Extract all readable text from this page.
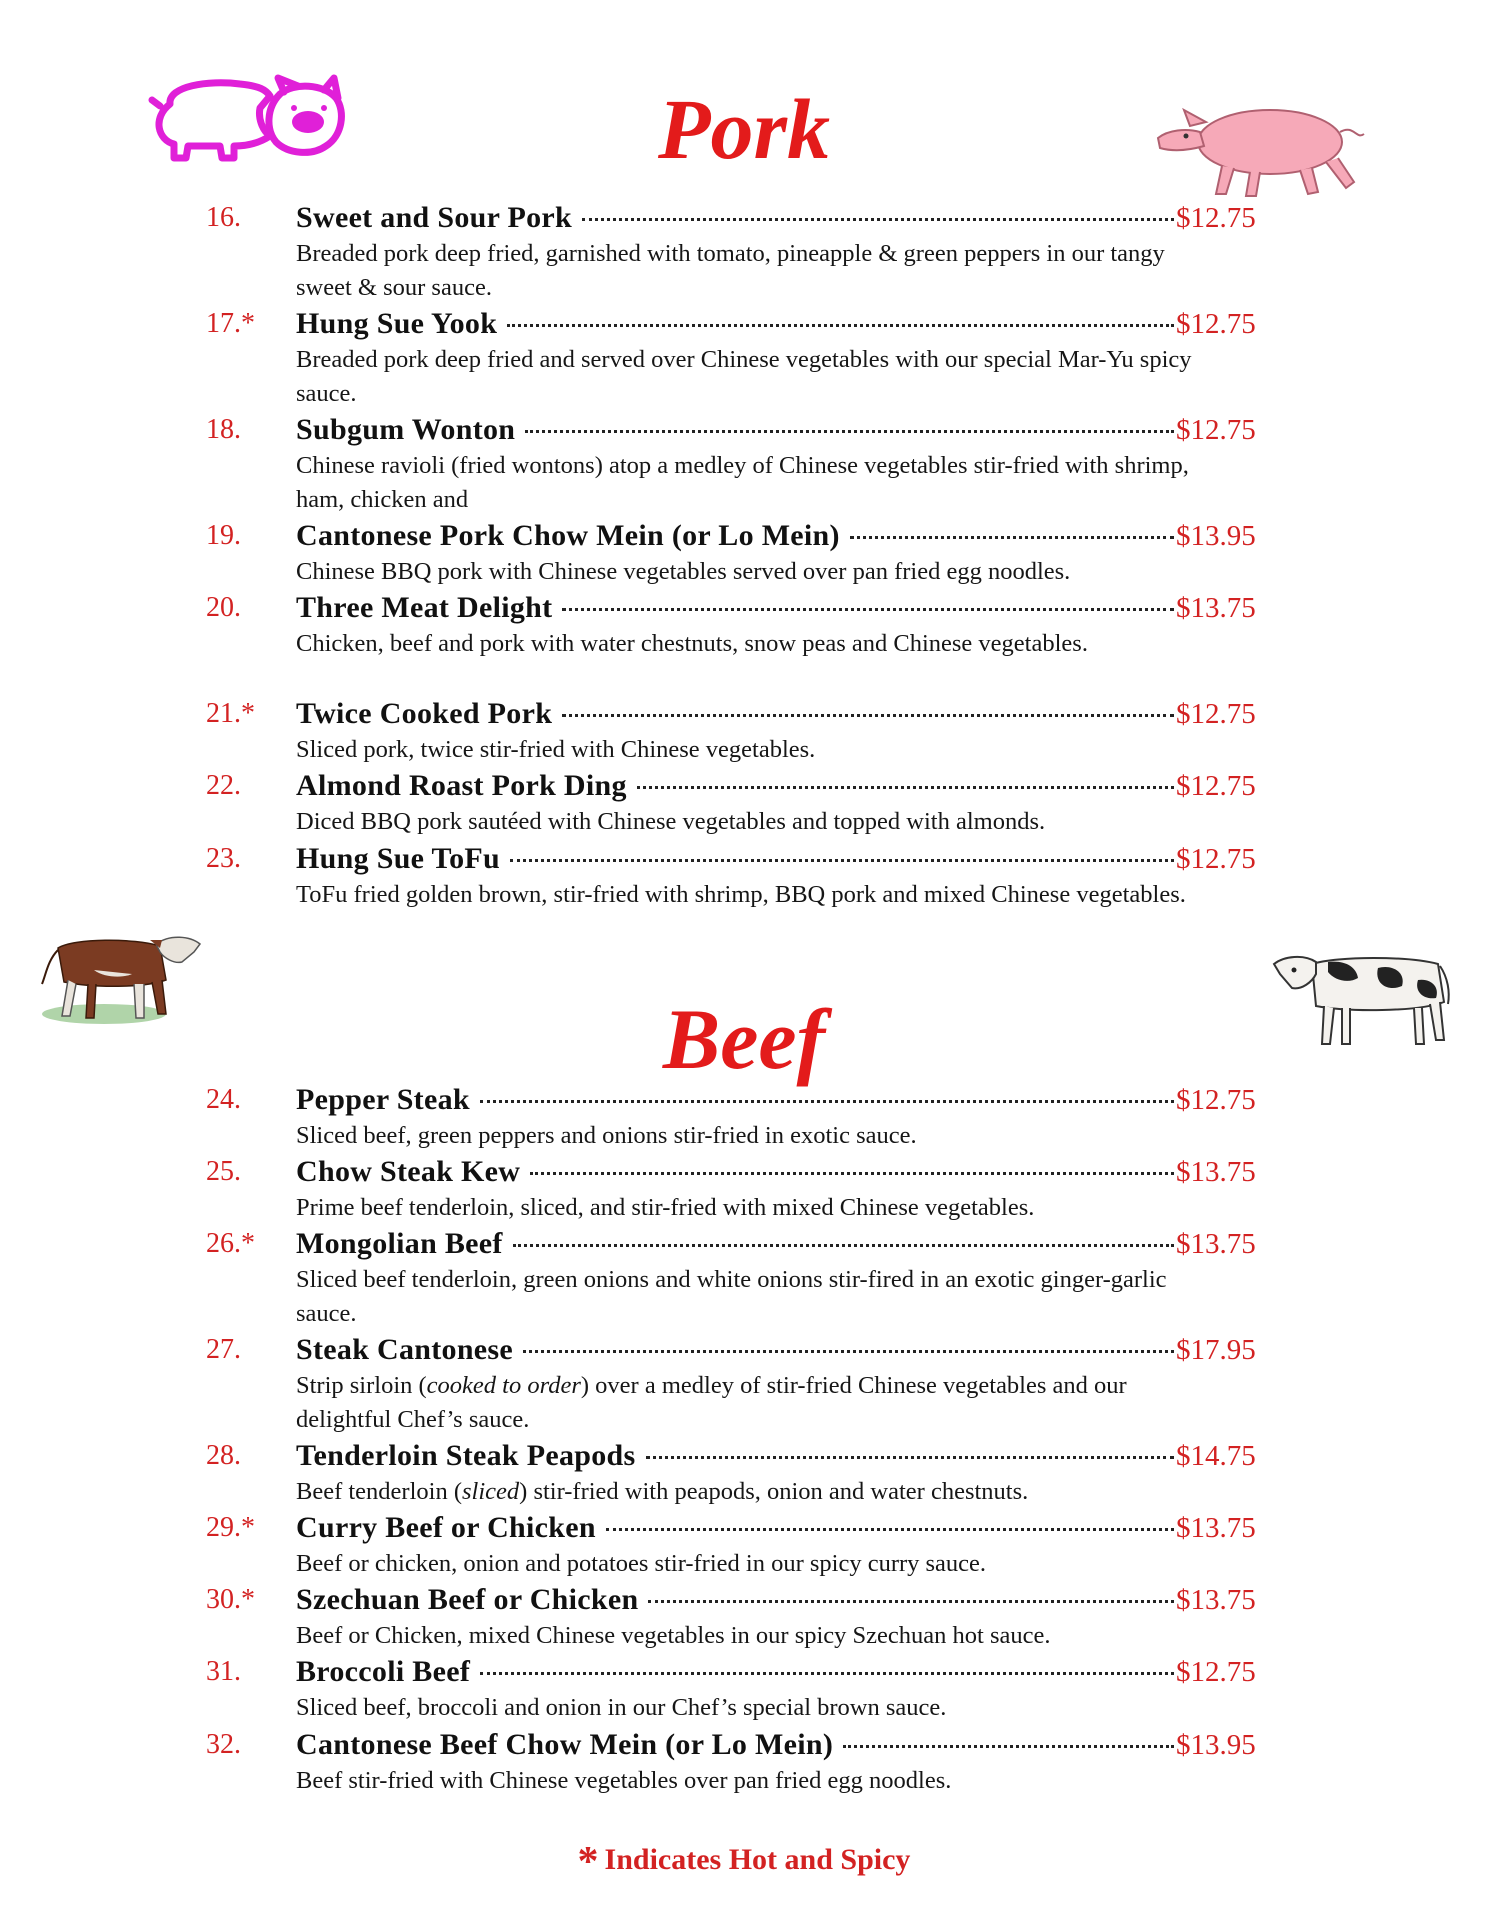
Pork
16. Sweet and Sour Pork	$12.75
Breaded pork deep fried, garnished with tomato, pineapple & green peppers in our tangy sweet & sour sauce.
17.* Hung Sue Yook	$12.75
Breaded pork deep fried and served over Chinese vegetables with our special Mar-Yu spicy sauce.
18. Subgum Wonton	$12.75
Chinese ravioli (fried wontons) atop a medley of Chinese vegetables stir-fried with shrimp, ham, chicken and
19. Cantonese Pork Chow Mein (or Lo Mein)	$13.95
Chinese BBQ pork with Chinese vegetables served over pan fried egg noodles.
20. Three Meat Delight	$13.75
Chicken, beef and pork with water chestnuts, snow peas and Chinese vegetables.
21.* Twice Cooked Pork	$12.75
Sliced pork, twice stir-fried with Chinese vegetables.
22. Almond Roast Pork Ding	$12.75
Diced BBQ pork sautéed with Chinese vegetables and topped with almonds.
23. Hung Sue ToFu	$12.75
ToFu fried golden brown, stir-fried with shrimp, BBQ pork and mixed Chinese vegetables.
Beef
24. Pepper Steak	$12.75
Sliced beef, green peppers and onions stir-fried in exotic sauce.
25. Chow Steak Kew	$13.75
Prime beef tenderloin, sliced, and stir-fried with mixed Chinese vegetables.
26.* Mongolian Beef	$13.75
Sliced beef tenderloin, green onions and white onions stir-fired in an exotic ginger-garlic sauce.
27. Steak Cantonese	$17.95
Strip sirloin (cooked to order) over a medley of stir-fried Chinese vegetables and our delightful Chef’s sauce.
28. Tenderloin Steak Peapods	$14.75
Beef tenderloin (sliced) stir-fried with peapods, onion and water chestnuts.
29.* Curry Beef or Chicken	$13.75
Beef or chicken, onion and potatoes stir-fried in our spicy curry sauce.
30.* Szechuan Beef or Chicken	$13.75
Beef or Chicken, mixed Chinese vegetables in our spicy Szechuan hot sauce.
31. Broccoli Beef	$12.75
Sliced beef, broccoli and onion in our Chef’s special brown sauce.
32. Cantonese Beef Chow Mein (or Lo Mein)	$13.95
Beef stir-fried with Chinese vegetables over pan fried egg noodles.
* Indicates Hot and Spicy
